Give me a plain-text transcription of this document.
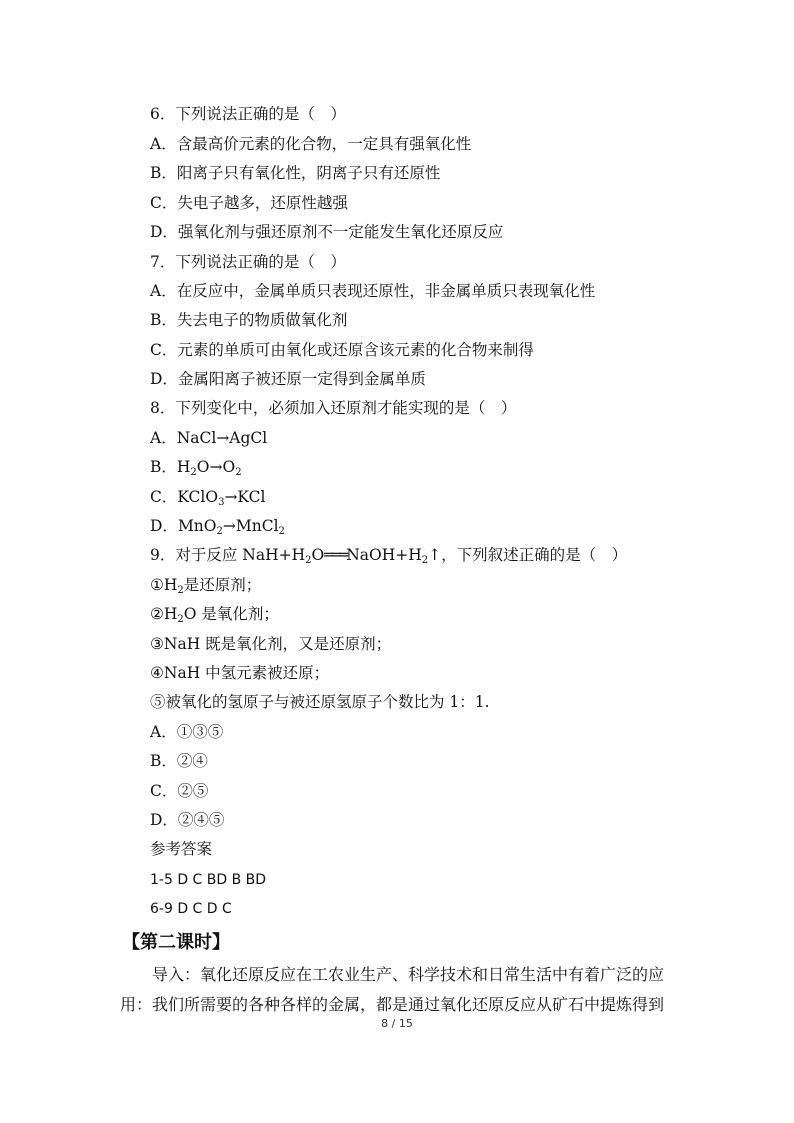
6．下列说法正确的是（　）
A．含最高价元素的化合物，一定具有强氧化性
B．阳离子只有氧化性，阴离子只有还原性
C．失电子越多，还原性越强
D．强氧化剂与强还原剂不一定能发生氧化还原反应
7．下列说法正确的是（　）
A．在反应中，金属单质只表现还原性，非金属单质只表现氧化性
B．失去电子的物质做氧化剂
C．元素的单质可由氧化或还原含该元素的化合物来制得
D．金属阳离子被还原一定得到金属单质
8．下列变化中，必须加入还原剂才能实现的是（　）
A．NaCl→AgCl
B．$H_2O\to O_2$
C．KClO$_3$→KCl
D．MnO$_2$→MnCl$_2$
9．对于反应 $NaH+H_2O═══NaOH+H_2↑$，下列叙述正确的是（　）
$①H_2$是还原剂；
$②H_2O$ 是氧化剂；
③NaH 既是氧化剂，又是还原剂；
④NaH 中氢元素被还原；
⑤被氧化的氢原子与被还原氢原子个数比为 1：1.
A．①③⑤
B．②④
C．②⑤
D．②④⑤
参考答案
1-5 D C BD B BD
6-9 D C D C
【第二课时】
导入：氧化还原反应在工农业生产、科学技术和日常生活中有着广泛的应
用：我们所需要的各种各样的金属，都是通过氧化还原反应从矿石中提炼得到
8 / 15
